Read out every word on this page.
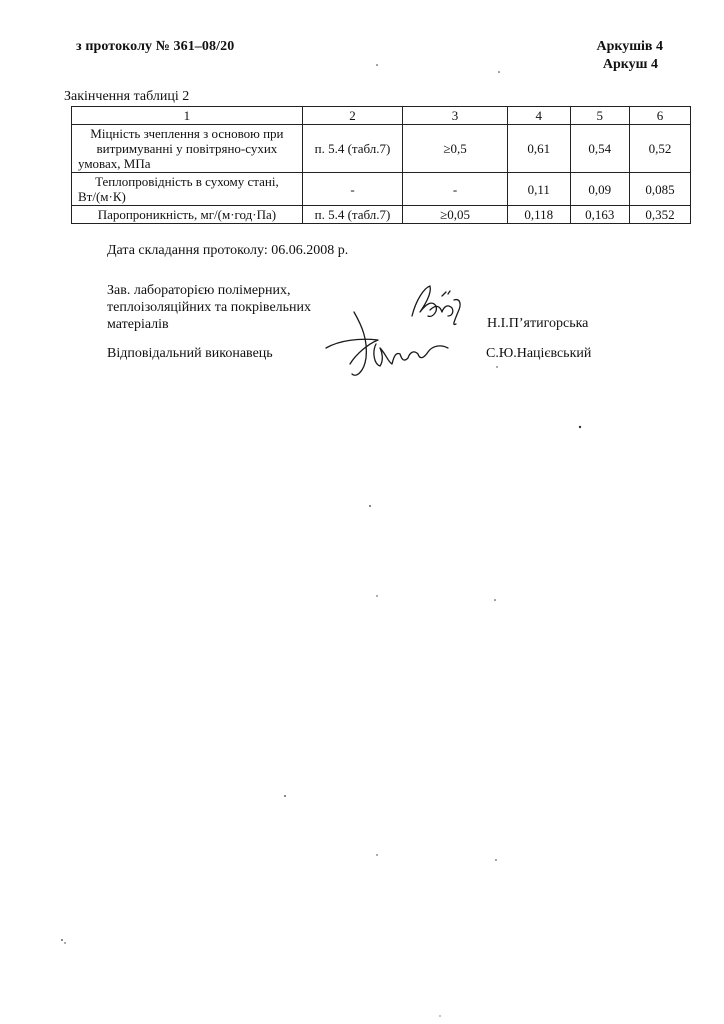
з протоколу № 361–08/20	Аркушів 4
Аркуш 4
Закінчення таблиці 2
1	2	3	4	5	6

Міцність зчеплення з основою при
витримуванні у повітряно-сухих
умовах, МПа	п. 5.4 (табл.7)	≥0,5	0,61	0,54	0,52

Теплопровідність в сухому стані,
Вт/(м·К)	-	-	0,11	0,09	0,085

Паропроникність, мг/(м·год·Па)	п. 5.4 (табл.7)	≥0,05	0,118	0,163	0,352
Дата складання протоколу: 06.06.2008 р.
Зав. лабораторією полімерних,
теплоізоляційних та покрівельних
матеріалів	Н.І.П’ятигорська
Відповідальний виконавець	С.Ю.Націєвський
